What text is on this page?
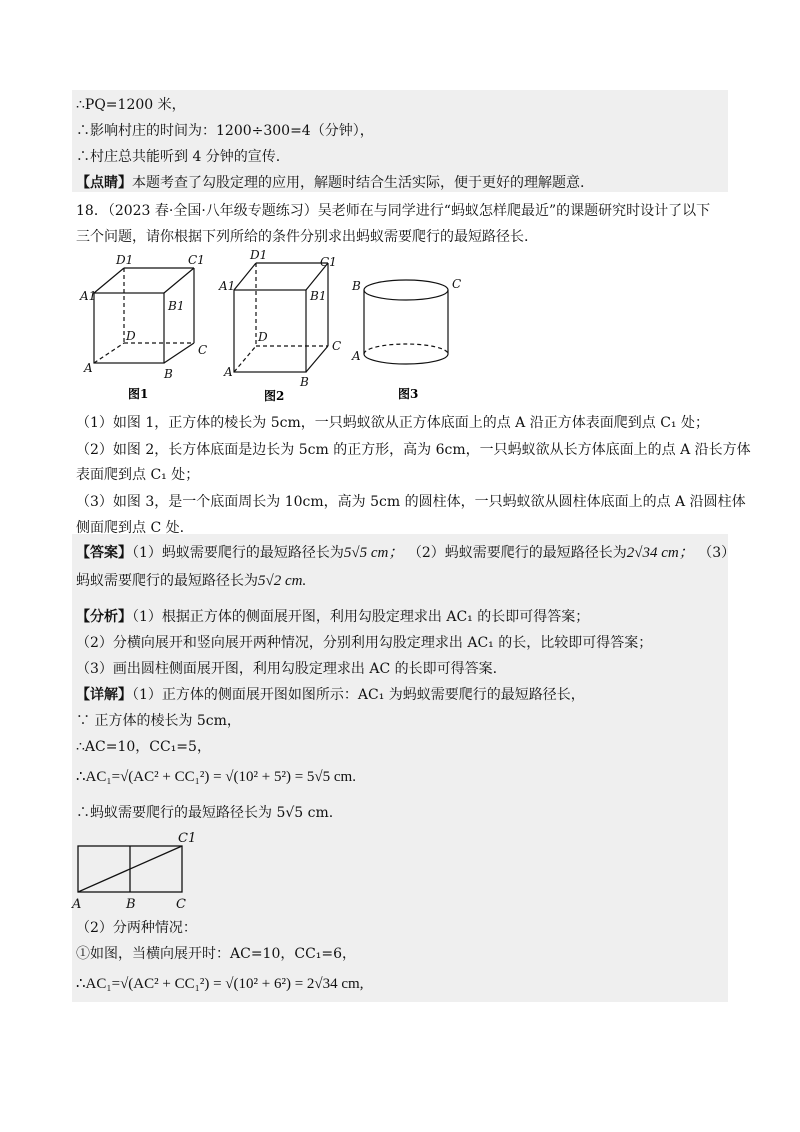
∴PQ=1200 米，
∴影响村庄的时间为：1200÷300=4（分钟），
∴村庄总共能听到 4 分钟的宣传.
【点睛】本题考查了勾股定理的应用，解题时结合生活实际，便于更好的理解题意.
18．（2023 春·全国·八年级专题练习）吴老师在与同学进行“蚂蚁怎样爬最近”的课题研究时设计了以下
三个问题，请你根据下列所给的条件分别求出蚂蚁需要爬行的最短路径长.
D1	C1
A1
B1
D
C
A	B
图1
D1	C1
A1
B1
D
C
A
B
图2
B	C
A
图3
（1）如图 1，正方体的棱长为 5cm，一只蚂蚁欲从正方体底面上的点 A 沿正方体表面爬到点 C₁ 处；
（2）如图 2，长方体底面是边长为 5cm 的正方形，高为 6cm，一只蚂蚁欲从长方体底面上的点 A 沿长方体
表面爬到点 C₁ 处；
（3）如图 3，是一个底面周长为 10cm，高为 5cm 的圆柱体，一只蚂蚁欲从圆柱体底面上的点 A 沿圆柱体
侧面爬到点 C 处.
【答案】（1）蚂蚁需要爬行的最短路径长为5√5 cm； （2）蚂蚁需要爬行的最短路径长为2√34 cm； （3）
蚂蚁需要爬行的最短路径长为5√2 cm.
【分析】（1）根据正方体的侧面展开图，利用勾股定理求出 AC₁ 的长即可得答案；
（2）分横向展开和竖向展开两种情况，分别利用勾股定理求出 AC₁ 的长，比较即可得答案；
（3）画出圆柱侧面展开图，利用勾股定理求出 AC 的长即可得答案.
【详解】（1）正方体的侧面展开图如图所示：AC₁ 为蚂蚁需要爬行的最短路径长，
∵ 正方体的棱长为 5cm，
∴AC=10，CC₁=5，
∴AC₁=√(AC² + CC₁²) = √(10² + 5²) = 5√5 cm.
∴蚂蚁需要爬行的最短路径长为 5√5 cm.
C1
A	B	C
（2）分两种情况：
①如图，当横向展开时：AC=10，CC₁=6，
∴AC₁=√(AC² + CC₁²) = √(10² + 6²) = 2√34 cm,
